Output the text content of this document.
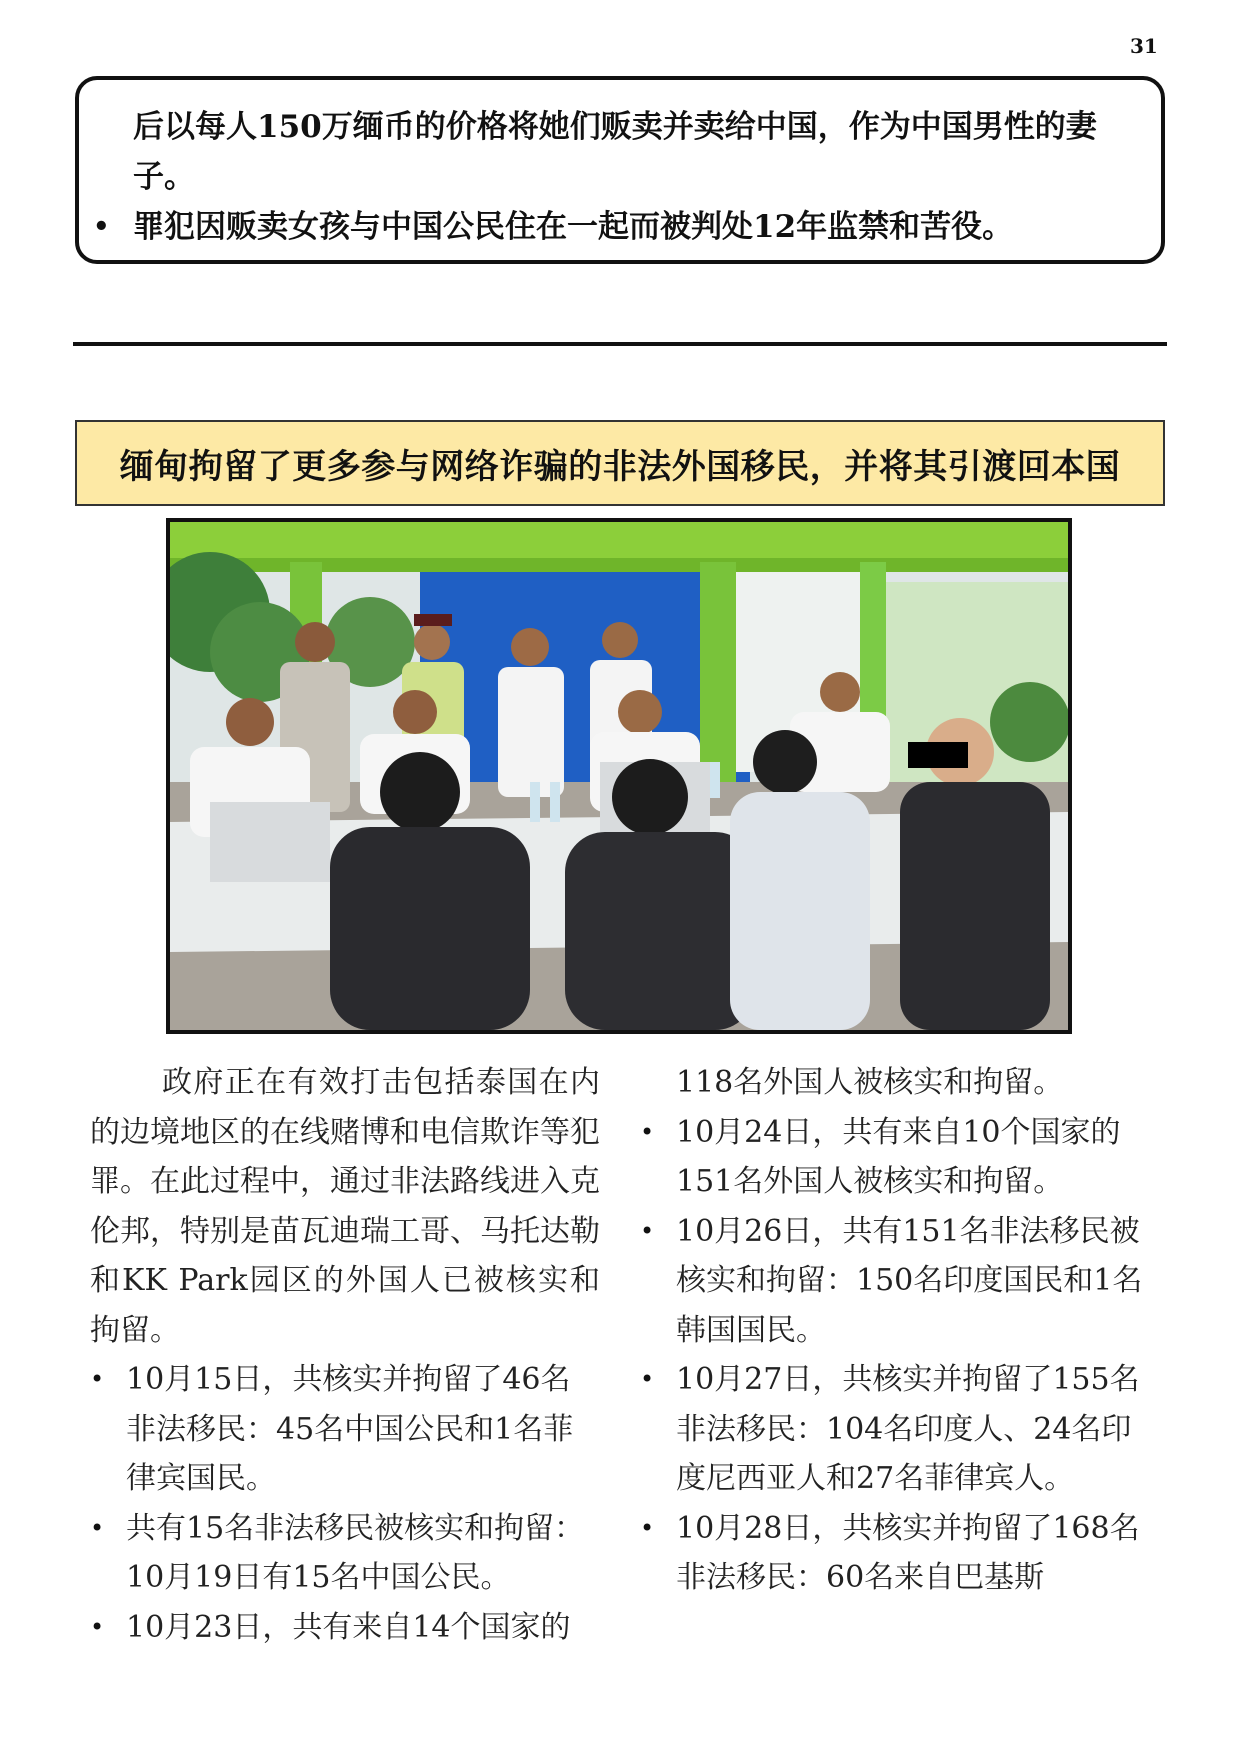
31

后以每人150万缅币的价格将她们贩卖并卖给中国，作为中国男性的妻

子。

• 罪犯因贩卖女孩与中国公民住在一起而被判处12年监禁和苦役。

缅甸拘留了更多参与网络诈骗的非法外国移民，并将其引渡回本国

政府正在有效打击包括泰国在内的边境地区的在线赌博和电信欺诈等犯罪。在此过程中，通过非法路线进入克伦邦，特别是苗瓦迪瑞工哥、马托达勒和KK Park园区的外国人已被核实和拘留。

• 10月15日，共核实并拘留了46名非法移民：45名中国公民和1名菲律宾国民。

• 共有15名非法移民被核实和拘留：10月19日有15名中国公民。

• 10月23日，共有来自14个国家的

118名外国人被核实和拘留。

• 10月24日，共有来自10个国家的151名外国人被核实和拘留。

• 10月26日，共有151名非法移民被核实和拘留：150名印度国民和1名韩国国民。

• 10月27日，共核实并拘留了155名非法移民：104名印度人、24名印度尼西亚人和27名菲律宾人。

• 10月28日，共核实并拘留了168名非法移民：60名来自巴基斯
